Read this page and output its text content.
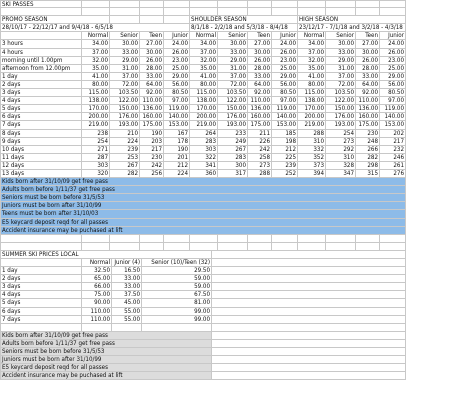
SKI PASSES
PROMO SEASON	SHOULDER SEASON	HIGH SEASON
28/10/17 - 22/12/17 and 9/4/18 - 6/5/18	8/1/18 - 2/2/18 and 5/3/18 - 8/4/18	23/12/17 - 7/1/18 and 3/2/18 - 4/3/18
Normal	Senior	Teen	Junior	Normal	Senior	Teen	Junior	Normal	Senior	Teen	Junior
3 hours	34.00	30.00	27.00	24.00	34.00	30.00	27.00	24.00	34.00	30.00	27.00	24.00
4 hours	37.00	33.00	30.00	26.00	37.00	33.00	30.00	26.00	37.00	33.00	30.00	26.00
morning until 1.00pm	32.00	29.00	26.00	23.00	32.00	29.00	26.00	23.00	32.00	29.00	26.00	23.00
afternoon from 12.00pm	35.00	31.00	28.00	25.00	35.00	31.00	28.00	25.00	35.00	31.00	28.00	25.00
1 day	41.00	37.00	33.00	29.00	41.00	37.00	33.00	29.00	41.00	37.00	33.00	29.00
2 days	80.00	72.00	64.00	56.00	80.00	72.00	64.00	56.00	80.00	72.00	64.00	56.00
3 days	115.00	103.50	92.00	80.50	115.00	103.50	92.00	80.50	115.00	103.50	92.00	80.50
4 days	138.00	122.00 110.00	97.00	138.00	122.00 110.00	97.00	138.00	122.00 110.00	97.00
5 days	170.00	150.00 136.00	119.00	170.00	150.00 136.00	119.00	170.00	150.00 136.00	119.00
6 days	200.00	176.00 160.00	140.00	200.00	176.00 160.00	140.00	200.00	176.00 160.00	140.00
7 days	219.00	193.00 175.00	153.00	219.00	193.00 175.00	153.00	219.00	193.00 175.00	153.00
8 days	238	210	190	167	264	233	211	185	288	254	230	202
9 days	254	224	203	178	283	249	226	198	310	273	248	217
10 days	271	239	217	190	303	267	242	212	332	292	266	232
11 days	287	253	230	201	322	283	258	225	352	310	282	246
12 days	303	267	242	212	341	300	273	239	373	328	298	261
13 days	320	282	256	224	360	317	288	252	394	347	315	276
Kids born after 31/10/09 get free pass
Adults born before 1/11/37 get free pass
Seniors must be born before 31/5/53
Juniors must be born after 31/10/99
Teens must be born after 31/10/03
E5 keycard deposit reqd for all passes
Accident insurance may be puchased at lift
SUMMER SKI PRICES LOCAL
Normal Junior (4)	Senior (10)/Teen (32)
1 day	32.50	16.50	29.50
2 days	65.00	33.00	59.00
3 days	66.00	33.00	59.00
4 days	75.00	37.50	67.50
5 days	90.00	45.00	81.00
6 days	110.00	55.00	99.00
7 days	110.00	55.00	99.00
Kids born after 31/10/09 get free pass
Adults born before 1/11/37 get free pass
Seniors must be born before 31/5/53
Juniors must be born after 31/10/99
E5 keycard deposit reqd for all passes
Accident insurance may be puchased at lift
